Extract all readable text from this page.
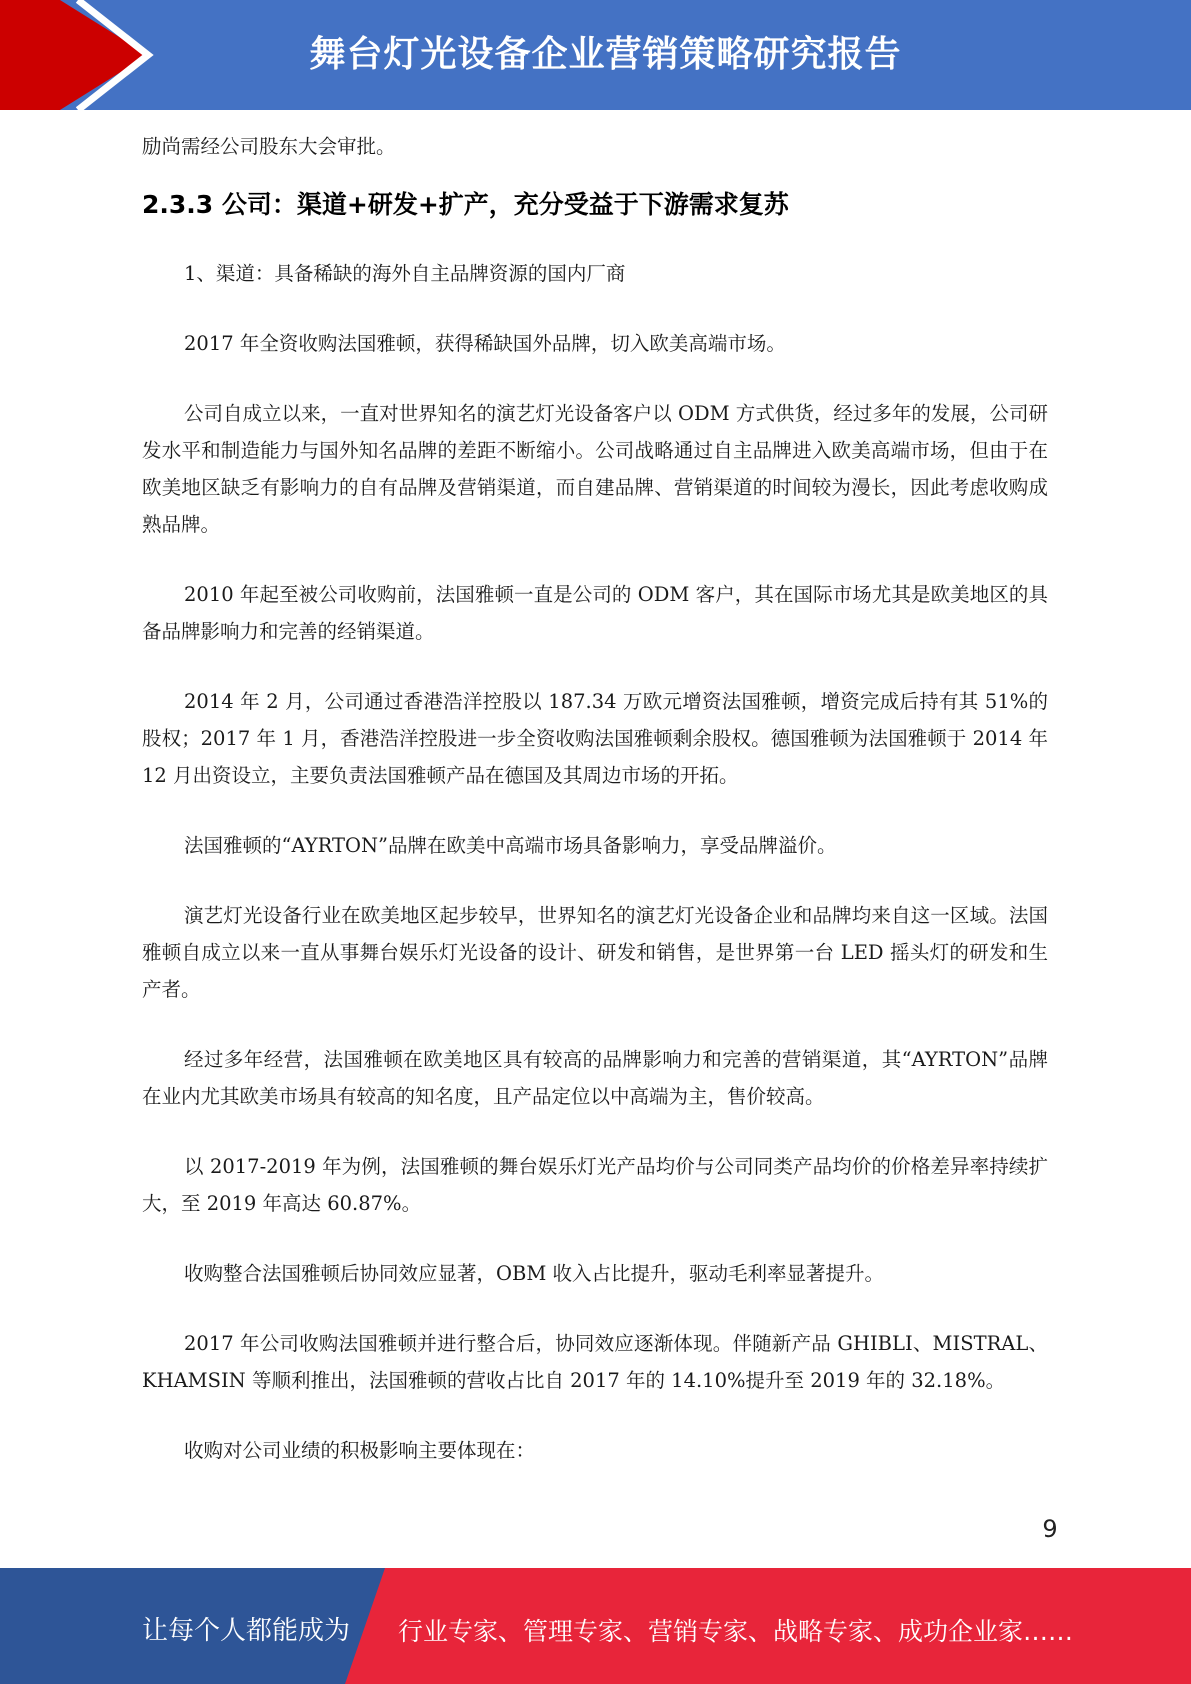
舞台灯光设备企业营销策略研究报告

励尚需经公司股东大会审批。

2.3.3 公司：渠道+研发+扩产，充分受益于下游需求复苏

1、渠道：具备稀缺的海外自主品牌资源的国内厂商

2017 年全资收购法国雅顿，获得稀缺国外品牌，切入欧美高端市场。

公司自成立以来，一直对世界知名的演艺灯光设备客户以 ODM 方式供货，经过多年的发展，公司研发水平和制造能力与国外知名品牌的差距不断缩小。公司战略通过自主品牌进入欧美高端市场，但由于在欧美地区缺乏有影响力的自有品牌及营销渠道，而自建品牌、营销渠道的时间较为漫长，因此考虑收购成熟品牌。

2010 年起至被公司收购前，法国雅顿一直是公司的 ODM 客户，其在国际市场尤其是欧美地区的具备品牌影响力和完善的经销渠道。

2014 年 2 月，公司通过香港浩洋控股以 187.34 万欧元增资法国雅顿，增资完成后持有其 51%的股权；2017 年 1 月，香港浩洋控股进一步全资收购法国雅顿剩余股权。德国雅顿为法国雅顿于 2014 年 12 月出资设立，主要负责法国雅顿产品在德国及其周边市场的开拓。

法国雅顿的“AYRTON”品牌在欧美中高端市场具备影响力，享受品牌溢价。

演艺灯光设备行业在欧美地区起步较早，世界知名的演艺灯光设备企业和品牌均来自这一区域。法国雅顿自成立以来一直从事舞台娱乐灯光设备的设计、研发和销售，是世界第一台 LED 摇头灯的研发和生产者。

经过多年经营，法国雅顿在欧美地区具有较高的品牌影响力和完善的营销渠道，其“AYRTON”品牌在业内尤其欧美市场具有较高的知名度，且产品定位以中高端为主，售价较高。

以 2017-2019 年为例，法国雅顿的舞台娱乐灯光产品均价与公司同类产品均价的价格差异率持续扩大，至 2019 年高达 60.87%。

收购整合法国雅顿后协同效应显著，OBM 收入占比提升，驱动毛利率显著提升。

2017 年公司收购法国雅顿并进行整合后，协同效应逐渐体现。伴随新产品 GHIBLI、MISTRAL、KHAMSIN 等顺利推出，法国雅顿的营收占比自 2017 年的 14.10%提升至 2019 年的 32.18%。

收购对公司业绩的积极影响主要体现在：

9
让每个人都能成为 行业专家、管理专家、营销专家、战略专家、成功企业家……
